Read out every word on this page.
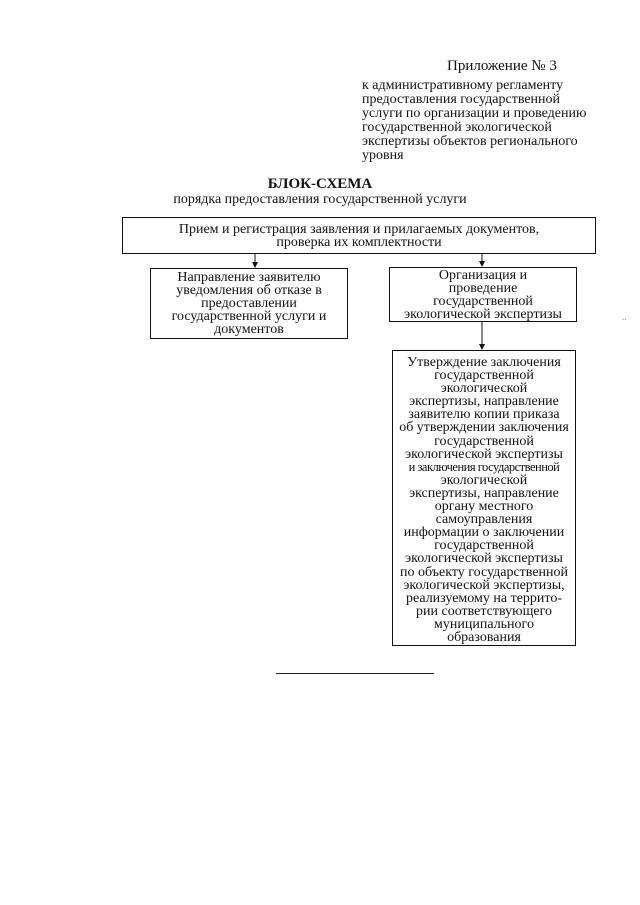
Приложение № 3
к административному регламенту
предоставления государственной
услуги по организации и проведению
государственной экологической
экспертизы объектов регионального
уровня
БЛОК-СХЕМА
порядка предоставления государственной услуги
Прием и регистрация заявления и прилагаемых документов,
проверка их комплектности
Направление заявителю
уведомления об отказе в
предоставлении
государственной услуги и
документов
Организация и
проведение
государственной
экологической экспертизы
Утверждение заключения
государственной
экологической
экспертизы, направление
заявителю копии приказа
об утверждении заключения
государственной
экологической экспертизы
и заключения государственной
экологической
экспертизы, направление
органу местного
самоуправления
информации о заключении
государственной
экологической экспертизы
по объекту государственной
экологической экспертизы,
реализуемому на террито-
рии соответствующего
муниципального
образования
..
